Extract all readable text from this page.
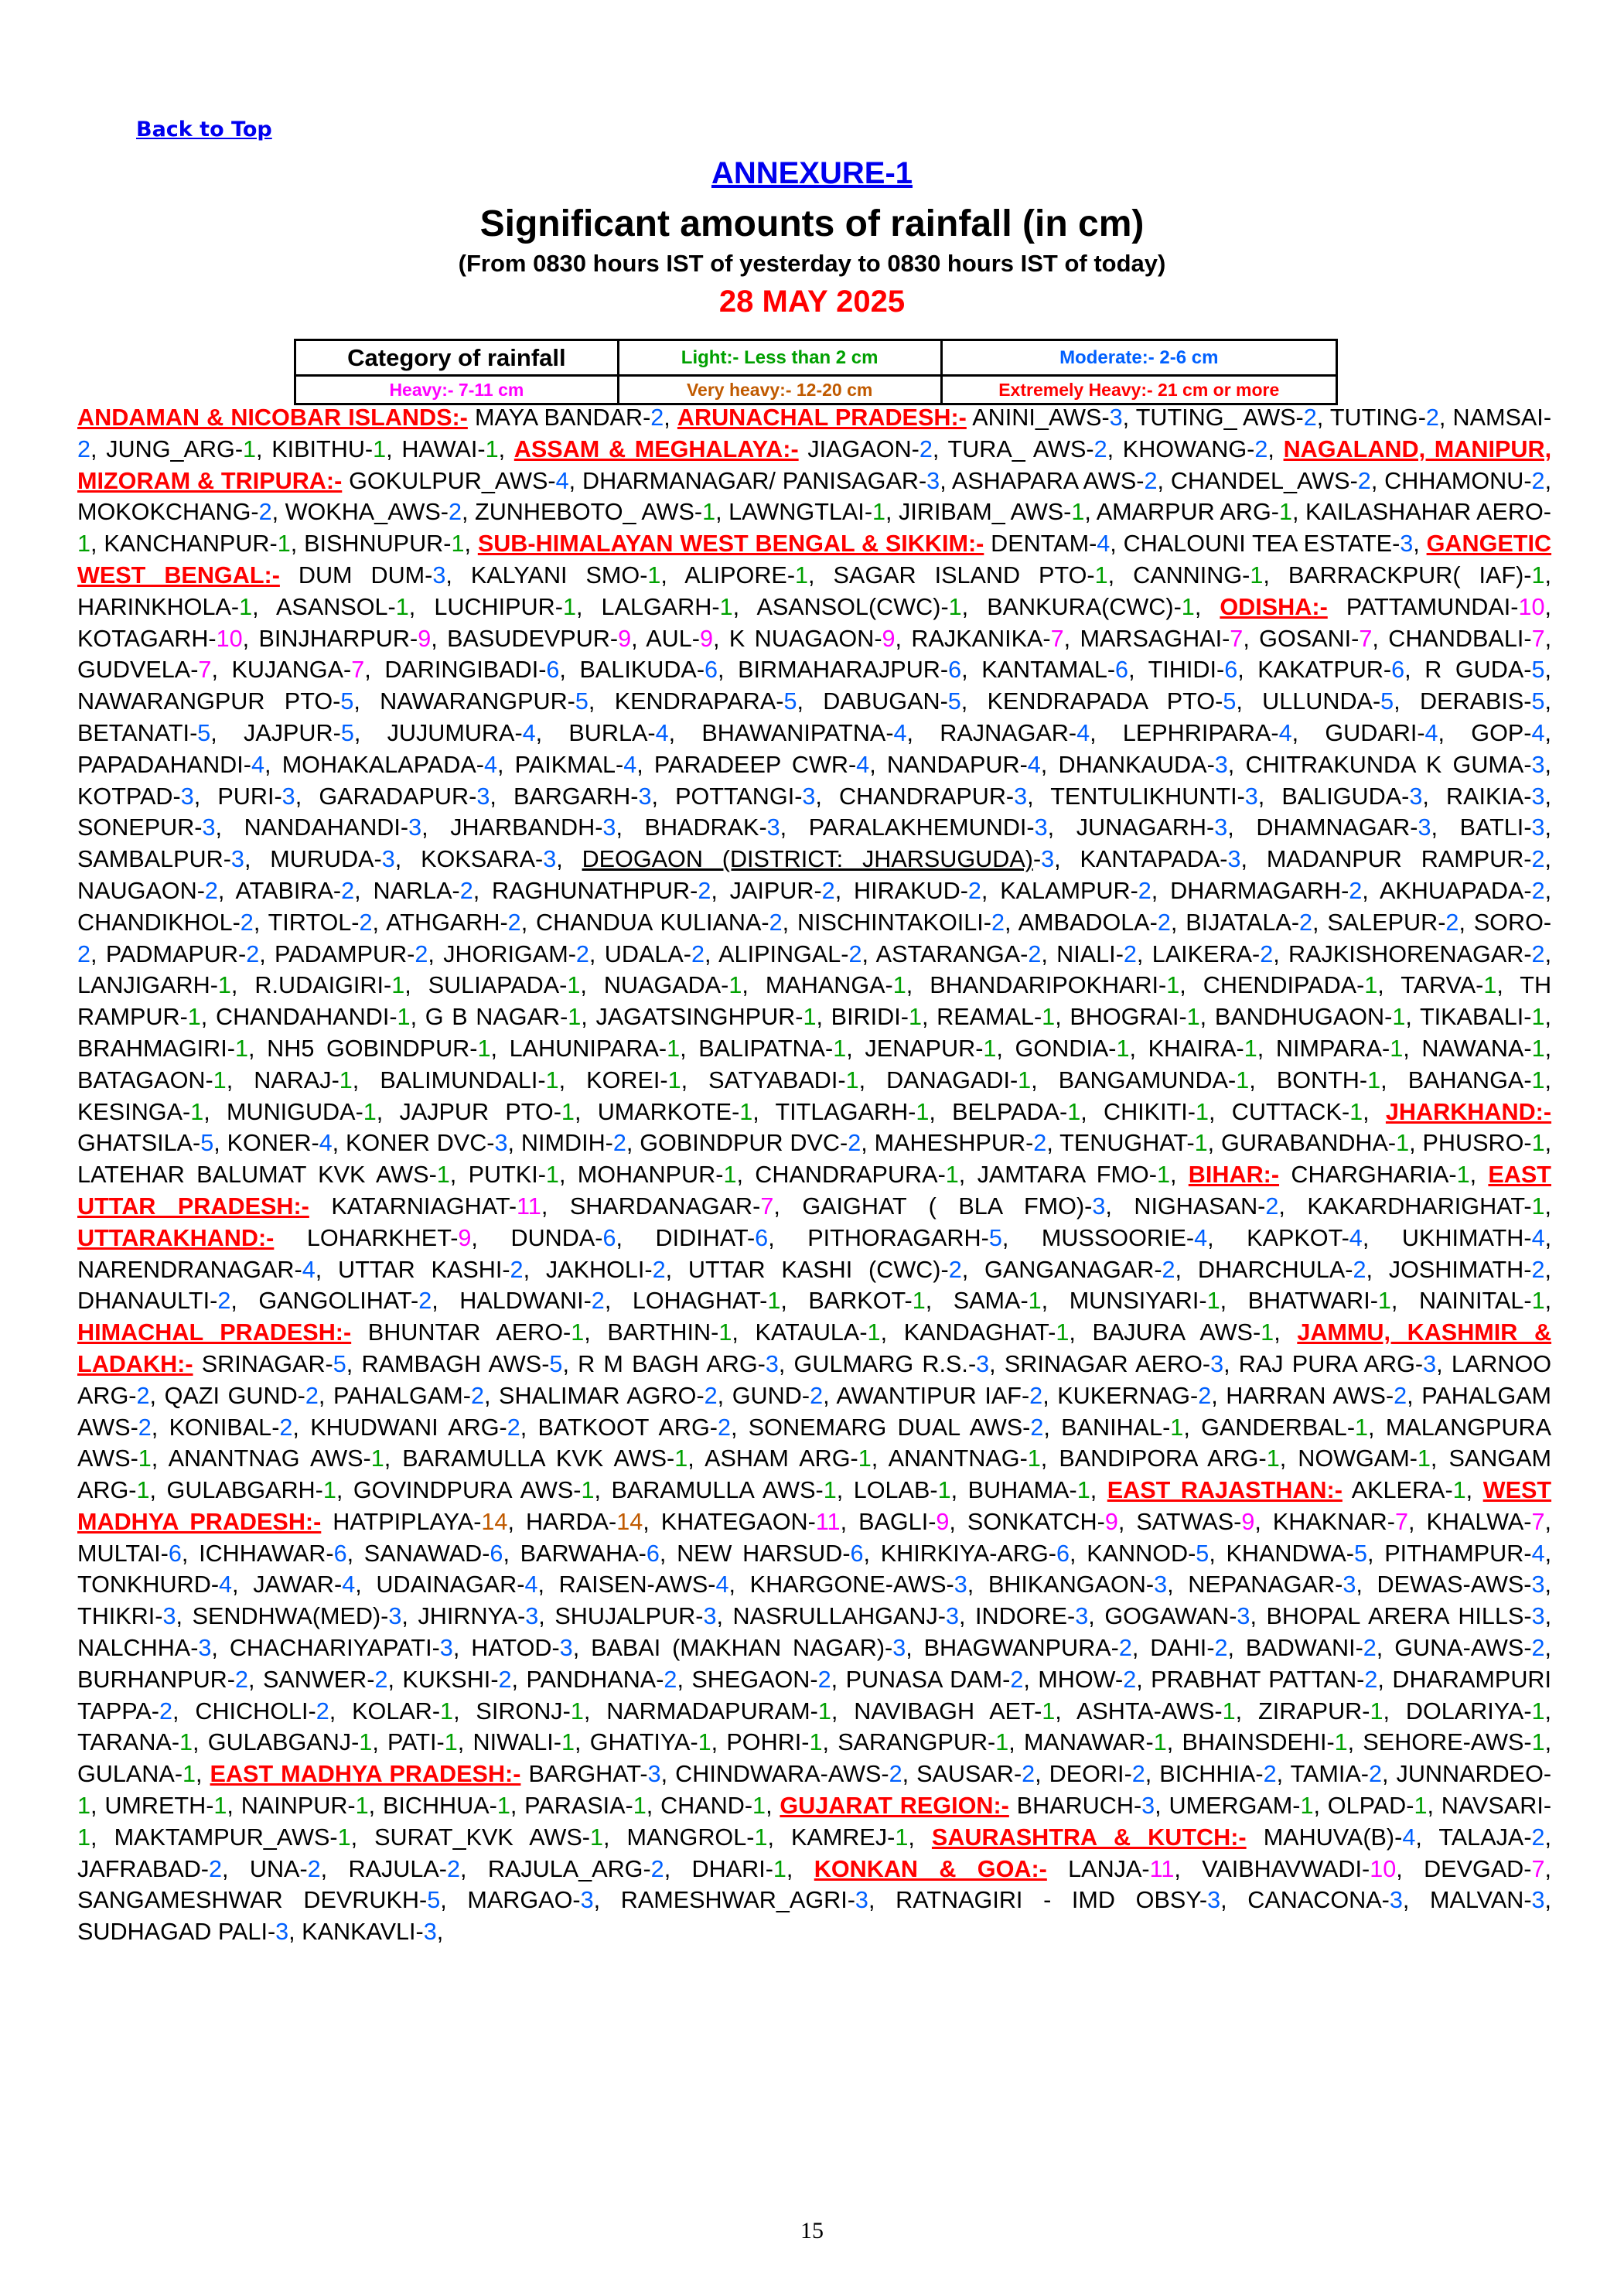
Back to Top
ANNEXURE-1
Significant amounts of rainfall (in cm)
(From 0830 hours IST of yesterday to 0830 hours IST of today)
28 MAY 2025
Category of rainfall	Light:- Less than 2 cm	Moderate:- 2-6 cm
Heavy:- 7-11 cm	Very heavy:- 12-20 cm	Extremely Heavy:- 21 cm or more
ANDAMAN & NICOBAR ISLANDS:- MAYA BANDAR-2, ARUNACHAL PRADESH:- ANINI_AWS-3, TUTING_ AWS-2, TUTING-2, NAMSAI-2, JUNG_ARG-1, KIBITHU-1, HAWAI-1, ASSAM & MEGHALAYA:- JIAGAON-2, TURA_ AWS-2, KHOWANG-2, NAGALAND, MANIPUR, MIZORAM & TRIPURA:- GOKULPUR_AWS-4, DHARMANAGAR/ PANISAGAR-3, ASHAPARA AWS-2, CHANDEL_AWS-2, CHHAMONU-2, MOKOKCHANG-2, WOKHA_AWS-2, ZUNHEBOTO_ AWS-1, LAWNGTLAI-1, JIRIBAM_ AWS-1, AMARPUR ARG-1, KAILASHAHAR AERO-1, KANCHANPUR-1, BISHNUPUR-1, SUB-HIMALAYAN WEST BENGAL & SIKKIM:- DENTAM-4, CHALOUNI TEA ESTATE-3, GANGETIC WEST BENGAL:- DUM DUM-3, KALYANI SMO-1, ALIPORE-1, SAGAR ISLAND PTO-1, CANNING-1, BARRACKPUR( IAF)-1, HARINKHOLA-1, ASANSOL-1, LUCHIPUR-1, LALGARH-1, ASANSOL(CWC)-1, BANKURA(CWC)-1, ODISHA:- PATTAMUNDAI-10, KOTAGARH-10, BINJHARPUR-9, BASUDEVPUR-9, AUL-9, K NUAGAON-9, RAJKANIKA-7, MARSAGHAI-7, GOSANI-7, CHANDBALI-7, GUDVELA-7, KUJANGA-7, DARINGIBADI-6, BALIKUDA-6, BIRMAHARAJPUR-6, KANTAMAL-6, TIHIDI-6, KAKATPUR-6, R GUDA-5, NAWARANGPUR PTO-5, NAWARANGPUR-5, KENDRAPARA-5, DABUGAN-5, KENDRAPADA PTO-5, ULLUNDA-5, DERABIS-5, BETANATI-5, JAJPUR-5, JUJUMURA-4, BURLA-4, BHAWANIPATNA-4, RAJNAGAR-4, LEPHRIPARA-4, GUDARI-4, GOP-4, PAPADAHANDI-4, MOHAKALAPADA-4, PAIKMAL-4, PARADEEP CWR-4, NANDAPUR-4, DHANKAUDA-3, CHITRAKUNDA K GUMA-3, KOTPAD-3, PURI-3, GARADAPUR-3, BARGARH-3, POTTANGI-3, CHANDRAPUR-3, TENTULIKHUNTI-3, BALIGUDA-3, RAIKIA-3, SONEPUR-3, NANDAHANDI-3, JHARBANDH-3, BHADRAK-3, PARALAKHEMUNDI-3, JUNAGARH-3, DHAMNAGAR-3, BATLI-3, SAMBALPUR-3, MURUDA-3, KOKSARA-3, DEOGAON (DISTRICT: JHARSUGUDA)-3, KANTAPADA-3, MADANPUR RAMPUR-2, NAUGAON-2, ATABIRA-2, NARLA-2, RAGHUNATHPUR-2, JAIPUR-2, HIRAKUD-2, KALAMPUR-2, DHARMAGARH-2, AKHUAPADA-2, CHANDIKHOL-2, TIRTOL-2, ATHGARH-2, CHANDUA KULIANA-2, NISCHINTAKOILI-2, AMBADOLA-2, BIJATALA-2, SALEPUR-2, SORO-2, PADMAPUR-2, PADAMPUR-2, JHORIGAM-2, UDALA-2, ALIPINGAL-2, ASTARANGA-2, NIALI-2, LAIKERA-2, RAJKISHORENAGAR-2, LANJIGARH-1, R.UDAIGIRI-1, SULIAPADA-1, NUAGADA-1, MAHANGA-1, BHANDARIPOKHARI-1, CHENDIPADA-1, TARVA-1, TH RAMPUR-1, CHANDAHANDI-1, G B NAGAR-1, JAGATSINGHPUR-1, BIRIDI-1, REAMAL-1, BHOGRAI-1, BANDHUGAON-1, TIKABALI-1, BRAHMAGIRI-1, NH5 GOBINDPUR-1, LAHUNIPARA-1, BALIPATNA-1, JENAPUR-1, GONDIA-1, KHAIRA-1, NIMPARA-1, NAWANA-1, BATAGAON-1, NARAJ-1, BALIMUNDALI-1, KOREI-1, SATYABADI-1, DANAGADI-1, BANGAMUNDA-1, BONTH-1, BAHANGA-1, KESINGA-1, MUNIGUDA-1, JAJPUR PTO-1, UMARKOTE-1, TITLAGARH-1, BELPADA-1, CHIKITI-1, CUTTACK-1, JHARKHAND:- GHATSILA-5, KONER-4, KONER DVC-3, NIMDIH-2, GOBINDPUR DVC-2, MAHESHPUR-2, TENUGHAT-1, GURABANDHA-1, PHUSRO-1, LATEHAR BALUMAT KVK AWS-1, PUTKI-1, MOHANPUR-1, CHANDRAPURA-1, JAMTARA FMO-1, BIHAR:- CHARGHARIA-1, EAST UTTAR PRADESH:- KATARNIAGHAT-11, SHARDANAGAR-7, GAIGHAT ( BLA FMO)-3, NIGHASAN-2, KAKARDHARIGHAT-1, UTTARAKHAND:- LOHARKHET-9, DUNDA-6, DIDIHAT-6, PITHORAGARH-5, MUSSOORIE-4, KAPKOT-4, UKHIMATH-4, NARENDRANAGAR-4, UTTAR KASHI-2, JAKHOLI-2, UTTAR KASHI (CWC)-2, GANGANAGAR-2, DHARCHULA-2, JOSHIMATH-2, DHANAULTI-2, GANGOLIHAT-2, HALDWANI-2, LOHAGHAT-1, BARKOT-1, SAMA-1, MUNSIYARI-1, BHATWARI-1, NAINITAL-1, HIMACHAL PRADESH:- BHUNTAR AERO-1, BARTHIN-1, KATAULA-1, KANDAGHAT-1, BAJURA AWS-1, JAMMU, KASHMIR & LADAKH:- SRINAGAR-5, RAMBAGH AWS-5, R M BAGH ARG-3, GULMARG R.S.-3, SRINAGAR AERO-3, RAJ PURA ARG-3, LARNOO ARG-2, QAZI GUND-2, PAHALGAM-2, SHALIMAR AGRO-2, GUND-2, AWANTIPUR IAF-2, KUKERNAG-2, HARRAN AWS-2, PAHALGAM AWS-2, KONIBAL-2, KHUDWANI ARG-2, BATKOOT ARG-2, SONEMARG DUAL AWS-2, BANIHAL-1, GANDERBAL-1, MALANGPURA AWS-1, ANANTNAG AWS-1, BARAMULLA KVK AWS-1, ASHAM ARG-1, ANANTNAG-1, BANDIPORA ARG-1, NOWGAM-1, SANGAM ARG-1, GULABGARH-1, GOVINDPURA AWS-1, BARAMULLA AWS-1, LOLAB-1, BUHAMA-1, EAST RAJASTHAN:- AKLERA-1, WEST MADHYA PRADESH:- HATPIPLAYA-14, HARDA-14, KHATEGAON-11, BAGLI-9, SONKATCH-9, SATWAS-9, KHAKNAR-7, KHALWA-7, MULTAI-6, ICHHAWAR-6, SANAWAD-6, BARWAHA-6, NEW HARSUD-6, KHIRKIYA-ARG-6, KANNOD-5, KHANDWA-5, PITHAMPUR-4, TONKHURD-4, JAWAR-4, UDAINAGAR-4, RAISEN-AWS-4, KHARGONE-AWS-3, BHIKANGAON-3, NEPANAGAR-3, DEWAS-AWS-3, THIKRI-3, SENDHWA(MED)-3, JHIRNYA-3, SHUJALPUR-3, NASRULLAHGANJ-3, INDORE-3, GOGAWAN-3, BHOPAL ARERA HILLS-3, NALCHHA-3, CHACHARIYAPATI-3, HATOD-3, BABAI (MAKHAN NAGAR)-3, BHAGWANPURA-2, DAHI-2, BADWANI-2, GUNA-AWS-2, BURHANPUR-2, SANWER-2, KUKSHI-2, PANDHANA-2, SHEGAON-2, PUNASA DAM-2, MHOW-2, PRABHAT PATTAN-2, DHARAMPURI TAPPA-2, CHICHOLI-2, KOLAR-1, SIRONJ-1, NARMADAPURAM-1, NAVIBAGH AET-1, ASHTA-AWS-1, ZIRAPUR-1, DOLARIYA-1, TARANA-1, GULABGANJ-1, PATI-1, NIWALI-1, GHATIYA-1, POHRI-1, SARANGPUR-1, MANAWAR-1, BHAINSDEHI-1, SEHORE-AWS-1, GULANA-1, EAST MADHYA PRADESH:- BARGHAT-3, CHINDWARA-AWS-2, SAUSAR-2, DEORI-2, BICHHIA-2, TAMIA-2, JUNNARDEO-1, UMRETH-1, NAINPUR-1, BICHHUA-1, PARASIA-1, CHAND-1, GUJARAT REGION:- BHARUCH-3, UMERGAM-1, OLPAD-1, NAVSARI-1, MAKTAMPUR_AWS-1, SURAT_KVK AWS-1, MANGROL-1, KAMREJ-1, SAURASHTRA & KUTCH:- MAHUVA(B)-4, TALAJA-2, JAFRABAD-2, UNA-2, RAJULA-2, RAJULA_ARG-2, DHARI-1, KONKAN & GOA:- LANJA-11, VAIBHAVWADI-10, DEVGAD-7, SANGAMESHWAR DEVRUKH-5, MARGAO-3, RAMESHWAR_AGRI-3, RATNAGIRI - IMD OBSY-3, CANACONA-3, MALVAN-3, SUDHAGAD PALI-3, KANKAVLI-3,
15
